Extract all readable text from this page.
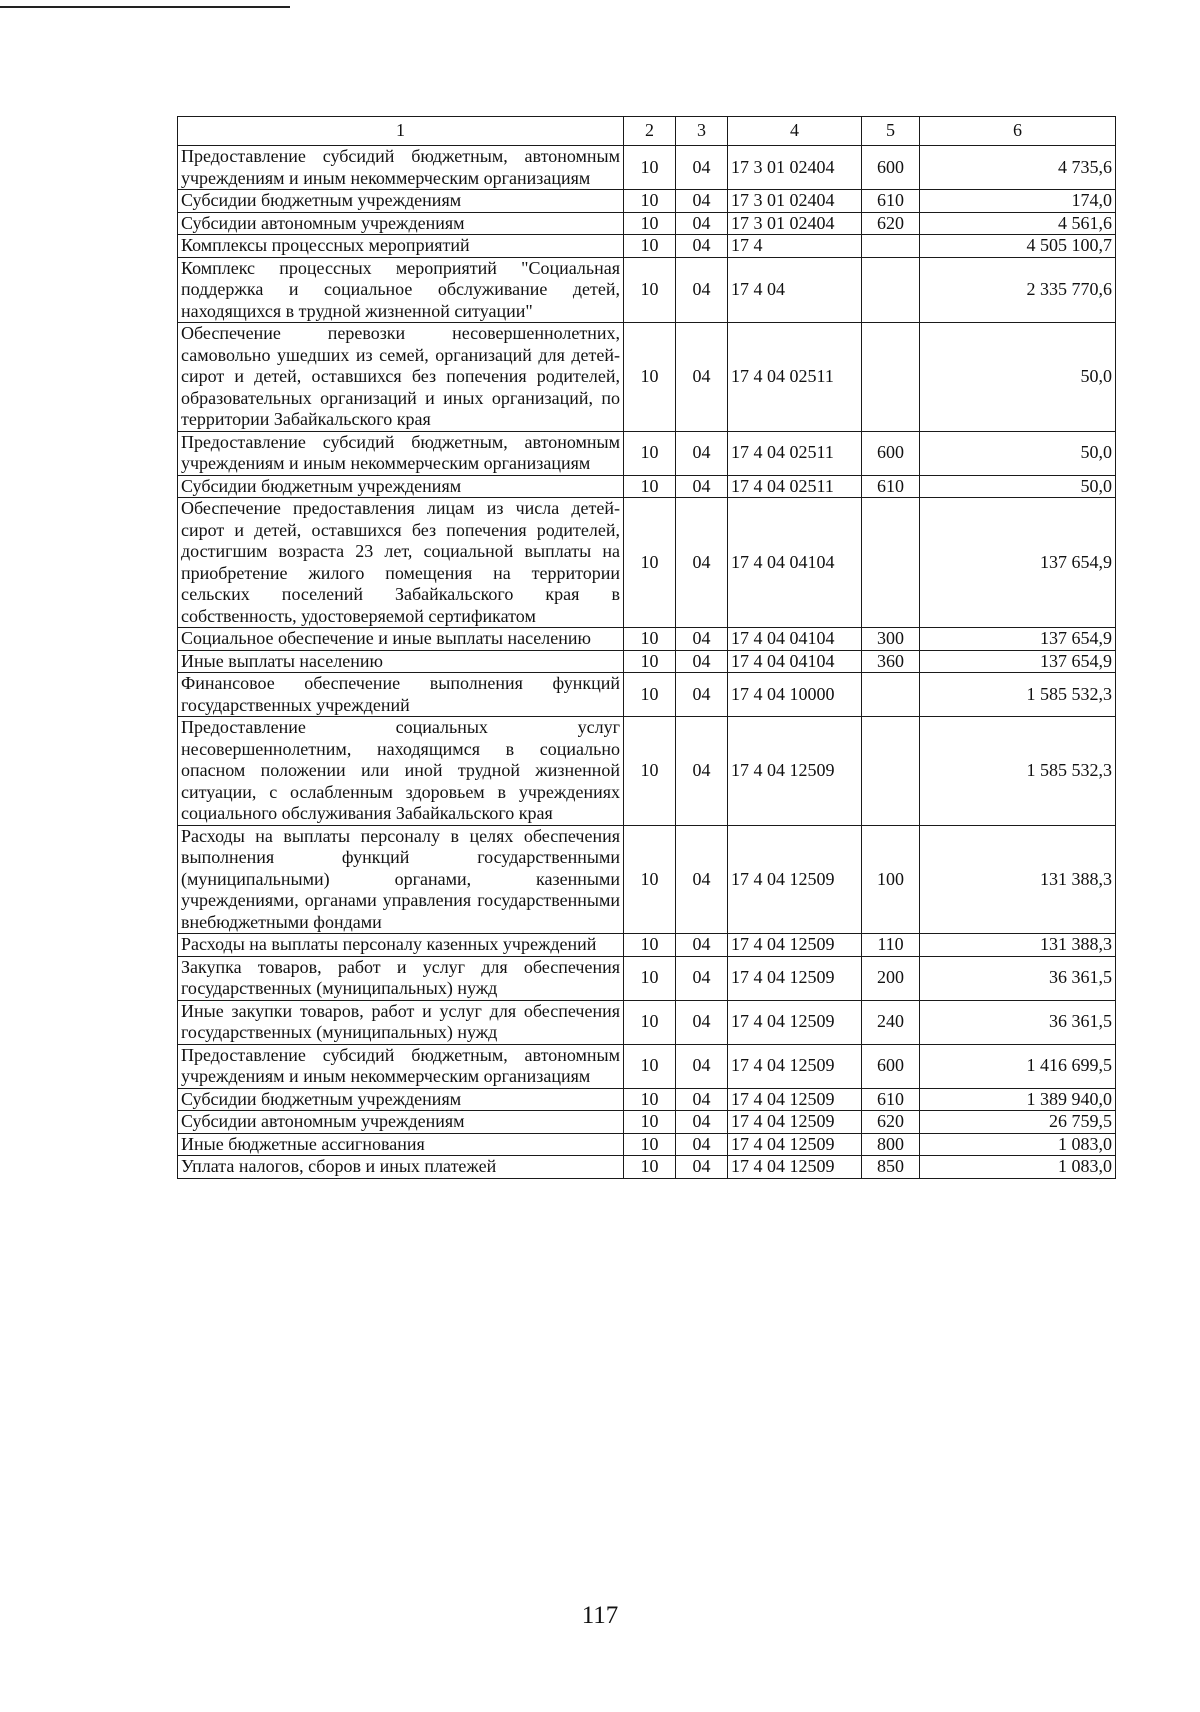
1	2	3	4	5	6
Предоставление субсидий бюджетным, автономным учреждениям и иным некоммерческим организациям	10	04	17 3 01 02404	600	4 735,6
Субсидии бюджетным учреждениям	10	04	17 3 01 02404	610	174,0
Субсидии автономным учреждениям	10	04	17 3 01 02404	620	4 561,6
Комплексы процессных мероприятий	10	04	17 4		4 505 100,7
Комплекс процессных мероприятий "Социальная поддержка и социальное обслуживание детей, находящихся в трудной жизненной ситуации"	10	04	17 4 04		2 335 770,6
Обеспечение перевозки несовершеннолетних, самовольно ушедших из семей, организаций для детей-сирот и детей, оставшихся без попечения родителей, образовательных организаций и иных организаций, по территории Забайкальского края	10	04	17 4 04 02511		50,0
Предоставление субсидий бюджетным, автономным учреждениям и иным некоммерческим организациям	10	04	17 4 04 02511	600	50,0
Субсидии бюджетным учреждениям	10	04	17 4 04 02511	610	50,0
Обеспечение предоставления лицам из числа детей-сирот и детей, оставшихся без попечения родителей, достигшим возраста 23 лет, социальной выплаты на приобретение жилого помещения на территории сельских поселений Забайкальского края в собственность, удостоверяемой сертификатом	10	04	17 4 04 04104		137 654,9
Социальное обеспечение и иные выплаты населению	10	04	17 4 04 04104	300	137 654,9
Иные выплаты населению	10	04	17 4 04 04104	360	137 654,9
Финансовое обеспечение выполнения функций государственных учреждений	10	04	17 4 04 10000		1 585 532,3
Предоставление социальных услуг несовершеннолетним, находящимся в социально опасном положении или иной трудной жизненной ситуации, с ослабленным здоровьем в учреждениях социального обслуживания Забайкальского края	10	04	17 4 04 12509		1 585 532,3
Расходы на выплаты персоналу в целях обеспечения выполнения функций государственными (муниципальными) органами, казенными учреждениями, органами управления государственными внебюджетными фондами	10	04	17 4 04 12509	100	131 388,3
Расходы на выплаты персоналу казенных учреждений	10	04	17 4 04 12509	110	131 388,3
Закупка товаров, работ и услуг для обеспечения государственных (муниципальных) нужд	10	04	17 4 04 12509	200	36 361,5
Иные закупки товаров, работ и услуг для обеспечения государственных (муниципальных) нужд	10	04	17 4 04 12509	240	36 361,5
Предоставление субсидий бюджетным, автономным учреждениям и иным некоммерческим организациям	10	04	17 4 04 12509	600	1 416 699,5
Субсидии бюджетным учреждениям	10	04	17 4 04 12509	610	1 389 940,0
Субсидии автономным учреждениям	10	04	17 4 04 12509	620	26 759,5
Иные бюджетные ассигнования	10	04	17 4 04 12509	800	1 083,0
Уплата налогов, сборов и иных платежей	10	04	17 4 04 12509	850	1 083,0
117
